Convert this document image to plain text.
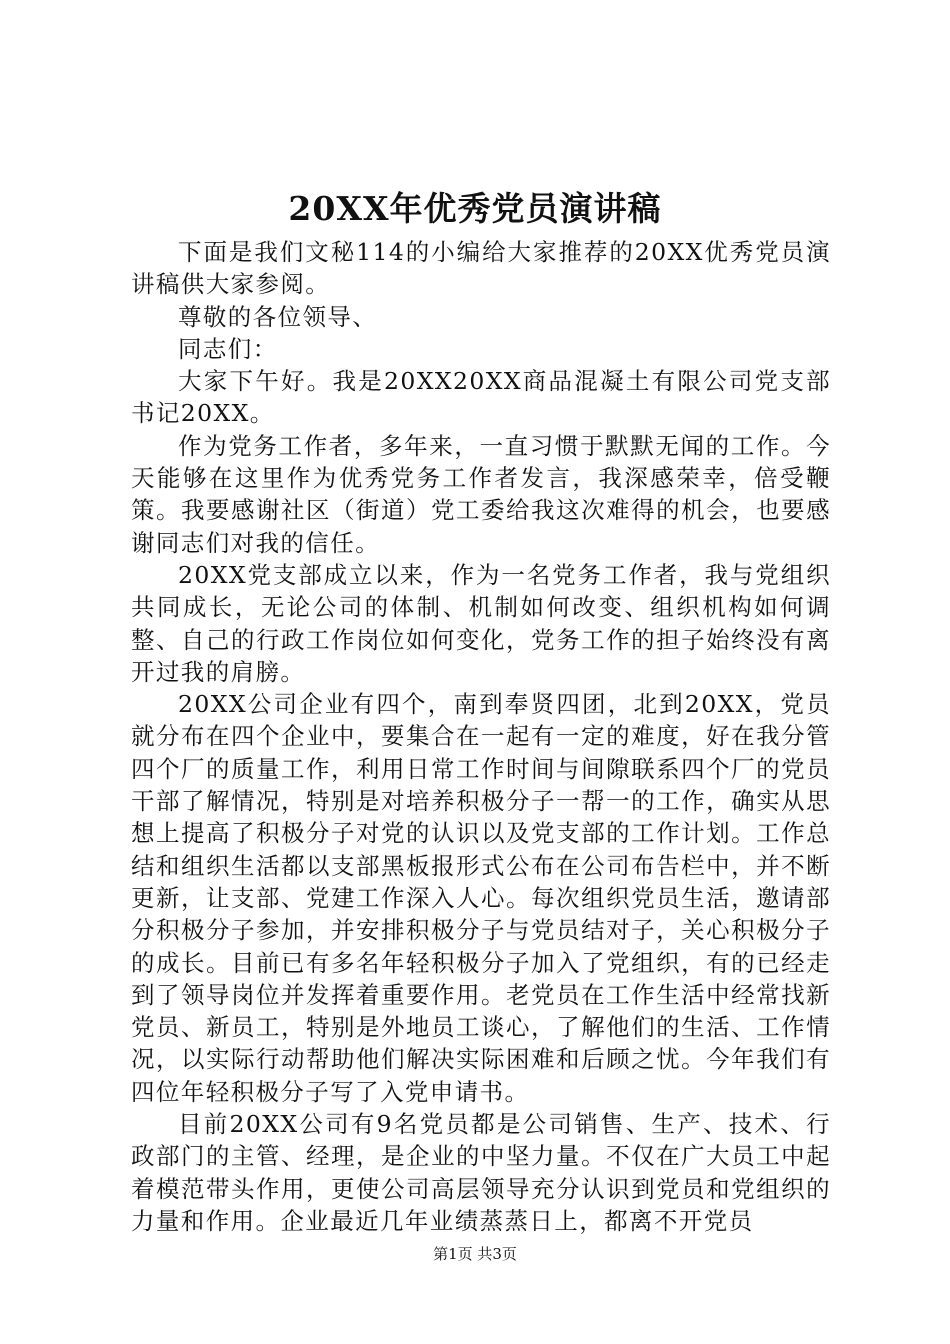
20XX年优秀党员演讲稿

下面是我们文秘114的小编给大家推荐的20XX优秀党员演讲稿供大家参阅。

尊敬的各位领导、

同志们：

大家下午好。我是20XX20XX商品混凝土有限公司党支部书记20XX。

作为党务工作者，多年来，一直习惯于默默无闻的工作。今天能够在这里作为优秀党务工作者发言，我深感荣幸，倍受鞭策。我要感谢社区（街道）党工委给我这次难得的机会，也要感谢同志们对我的信任。

20XX党支部成立以来，作为一名党务工作者，我与党组织共同成长，无论公司的体制、机制如何改变、组织机构如何调整、自己的行政工作岗位如何变化，党务工作的担子始终没有离开过我的肩膀。

20XX公司企业有四个，南到奉贤四团，北到20XX，党员就分布在四个企业中，要集合在一起有一定的难度，好在我分管四个厂的质量工作，利用日常工作时间与间隙联系四个厂的党员干部了解情况，特别是对培养积极分子一帮一的工作，确实从思想上提高了积极分子对党的认识以及党支部的工作计划。工作总结和组织生活都以支部黑板报形式公布在公司布告栏中，并不断更新，让支部、党建工作深入人心。每次组织党员生活，邀请部分积极分子参加，并安排积极分子与党员结对子，关心积极分子的成长。目前已有多名年轻积极分子加入了党组织，有的已经走到了领导岗位并发挥着重要作用。老党员在工作生活中经常找新党员、新员工，特别是外地员工谈心，了解他们的生活、工作情况，以实际行动帮助他们解决实际困难和后顾之忧。今年我们有四位年轻积极分子写了入党申请书。

目前20XX公司有9名党员都是公司销售、生产、技术、行政部门的主管、经理，是企业的中坚力量。不仅在广大员工中起着模范带头作用，更使公司高层领导充分认识到党员和党组织的力量和作用。企业最近几年业绩蒸蒸日上，都离不开党员

第1页 共3页
